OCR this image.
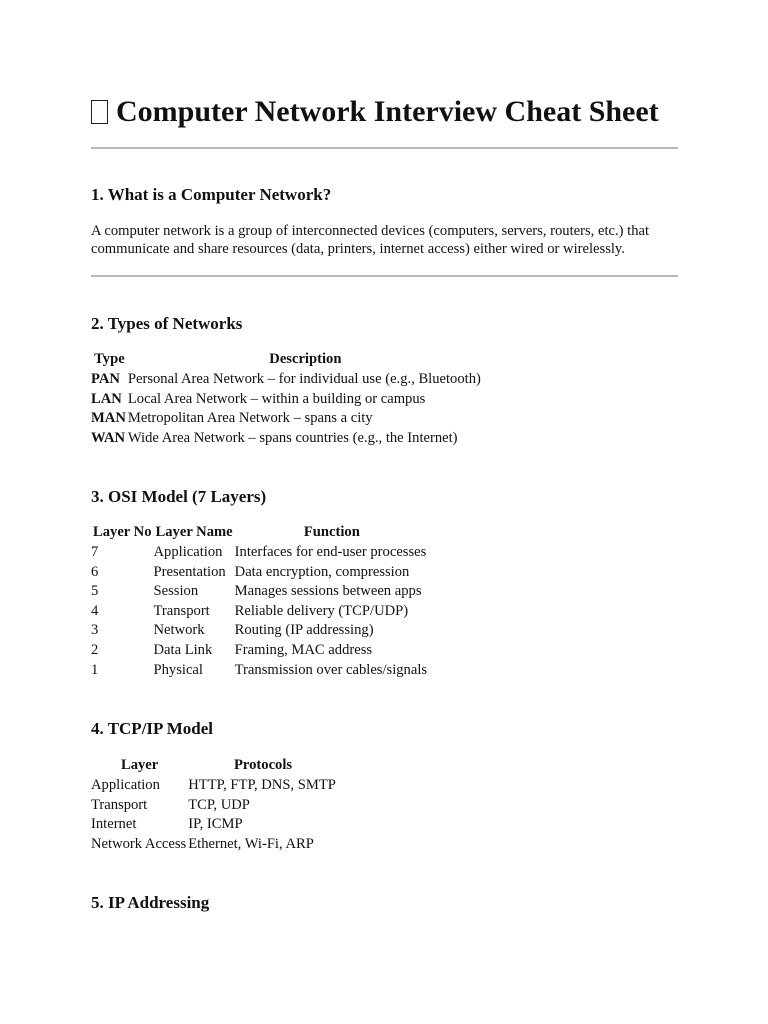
Computer Network Interview Cheat Sheet
1. What is a Computer Network?

A computer network is a group of interconnected devices (computers, servers, routers, etc.) that communicate and share resources (data, printers, internet access) either wired or wirelessly.

2. Types of Networks
Type	Description
PAN	Personal Area Network – for individual use (e.g., Bluetooth)
LAN	Local Area Network – within a building or campus
MAN	Metropolitan Area Network – spans a city
WAN	Wide Area Network – spans countries (e.g., the Internet)
3. OSI Model (7 Layers)
Layer No	Layer Name	Function
7	Application	Interfaces for end-user processes
6	Presentation	Data encryption, compression
5	Session	Manages sessions between apps
4	Transport	Reliable delivery (TCP/UDP)
3	Network	Routing (IP addressing)
2	Data Link	Framing, MAC address
1	Physical	Transmission over cables/signals
4. TCP/IP Model
Layer	Protocols
Application	HTTP, FTP, DNS, SMTP
Transport	TCP, UDP
Internet	IP, ICMP
Network Access	Ethernet, Wi-Fi, ARP
5. IP Addressing
